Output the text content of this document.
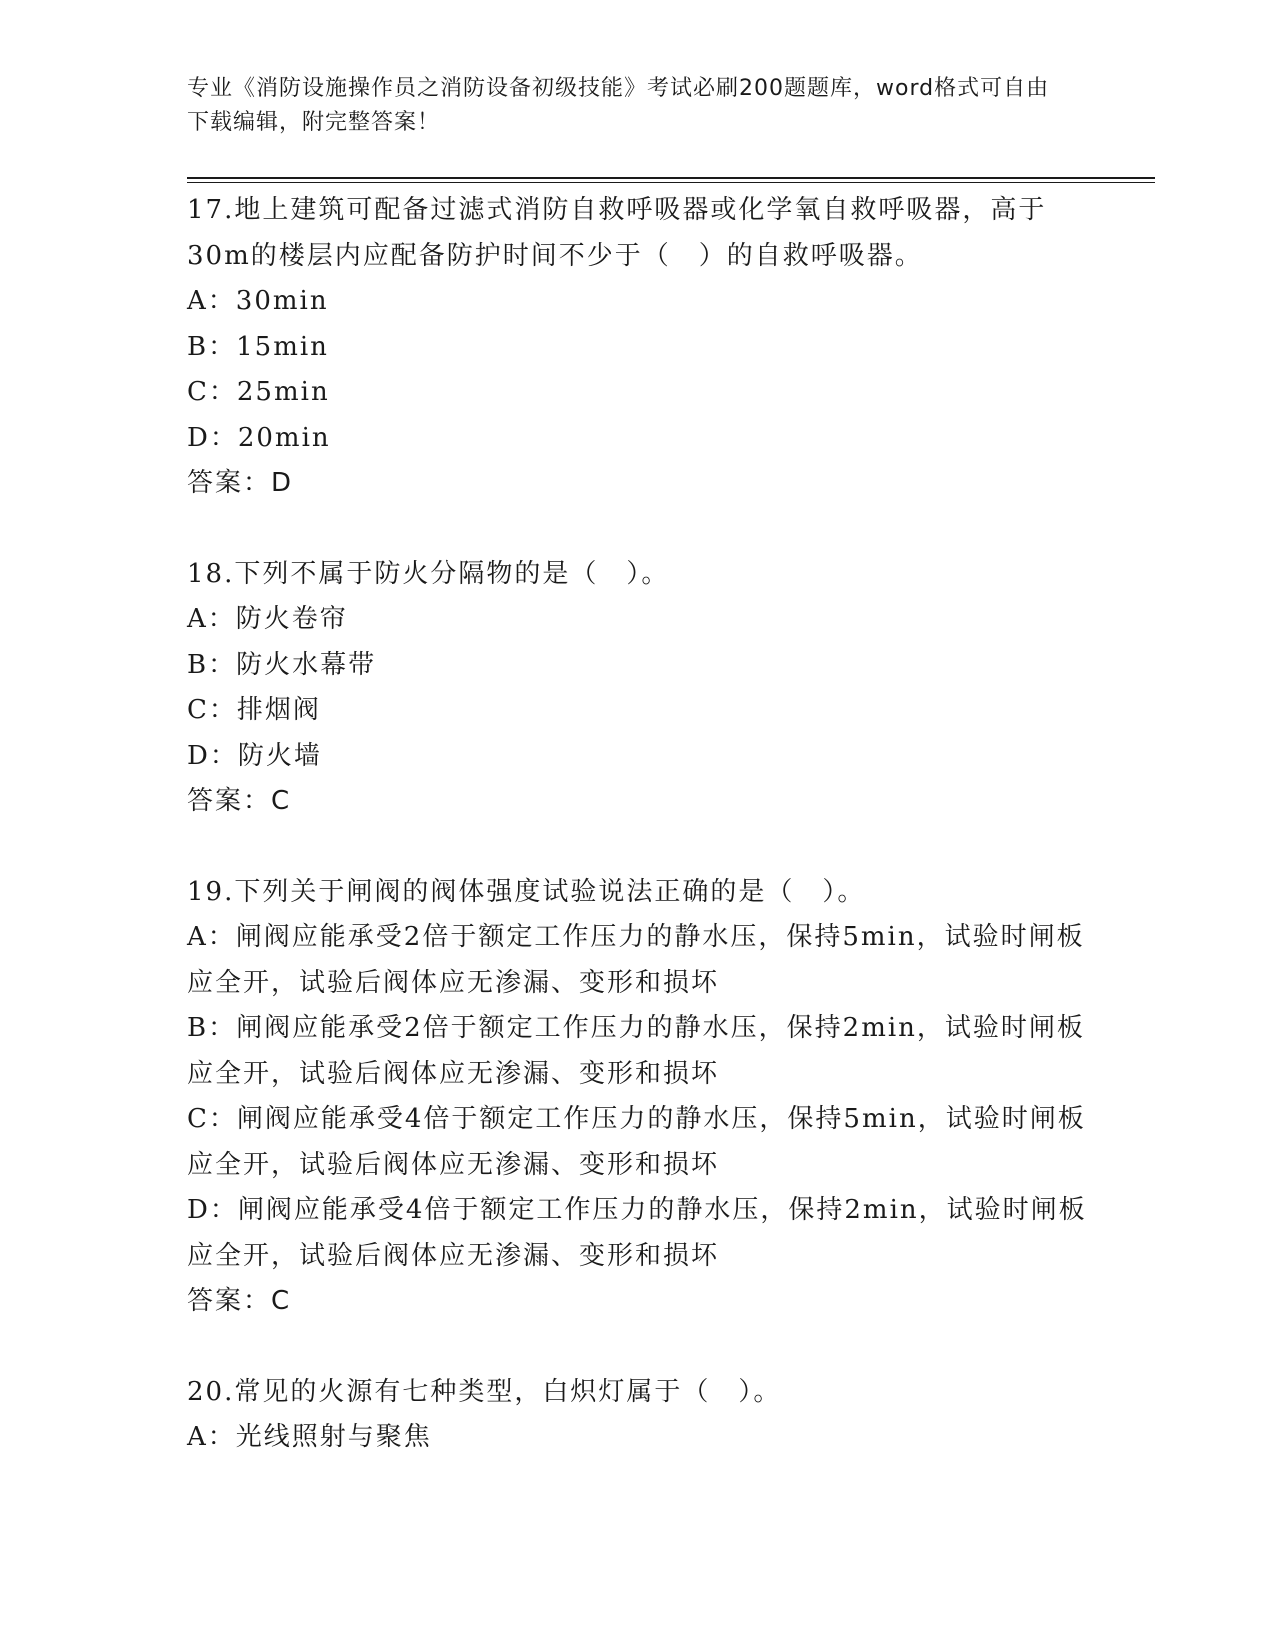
专业《消防设施操作员之消防设备初级技能》考试必刷200题题库，word格式可自由下载编辑，附完整答案！
17.地上建筑可配备过滤式消防自救呼吸器或化学氧自救呼吸器，高于30m的楼层内应配备防护时间不少于（　）的自救呼吸器。
A：30min
B：15min
C：25min
D：20min
答案：D
18.下列不属于防火分隔物的是（　）。
A：防火卷帘
B：防火水幕带
C：排烟阀
D：防火墙
答案：C
19.下列关于闸阀的阀体强度试验说法正确的是（　）。
A：闸阀应能承受2倍于额定工作压力的静水压，保持5min，试验时闸板应全开，试验后阀体应无渗漏、变形和损坏
B：闸阀应能承受2倍于额定工作压力的静水压，保持2min，试验时闸板应全开，试验后阀体应无渗漏、变形和损坏
C：闸阀应能承受4倍于额定工作压力的静水压，保持5min，试验时闸板应全开，试验后阀体应无渗漏、变形和损坏
D：闸阀应能承受4倍于额定工作压力的静水压，保持2min，试验时闸板应全开，试验后阀体应无渗漏、变形和损坏
答案：C
20.常见的火源有七种类型，白炽灯属于（　）。
A：光线照射与聚焦
